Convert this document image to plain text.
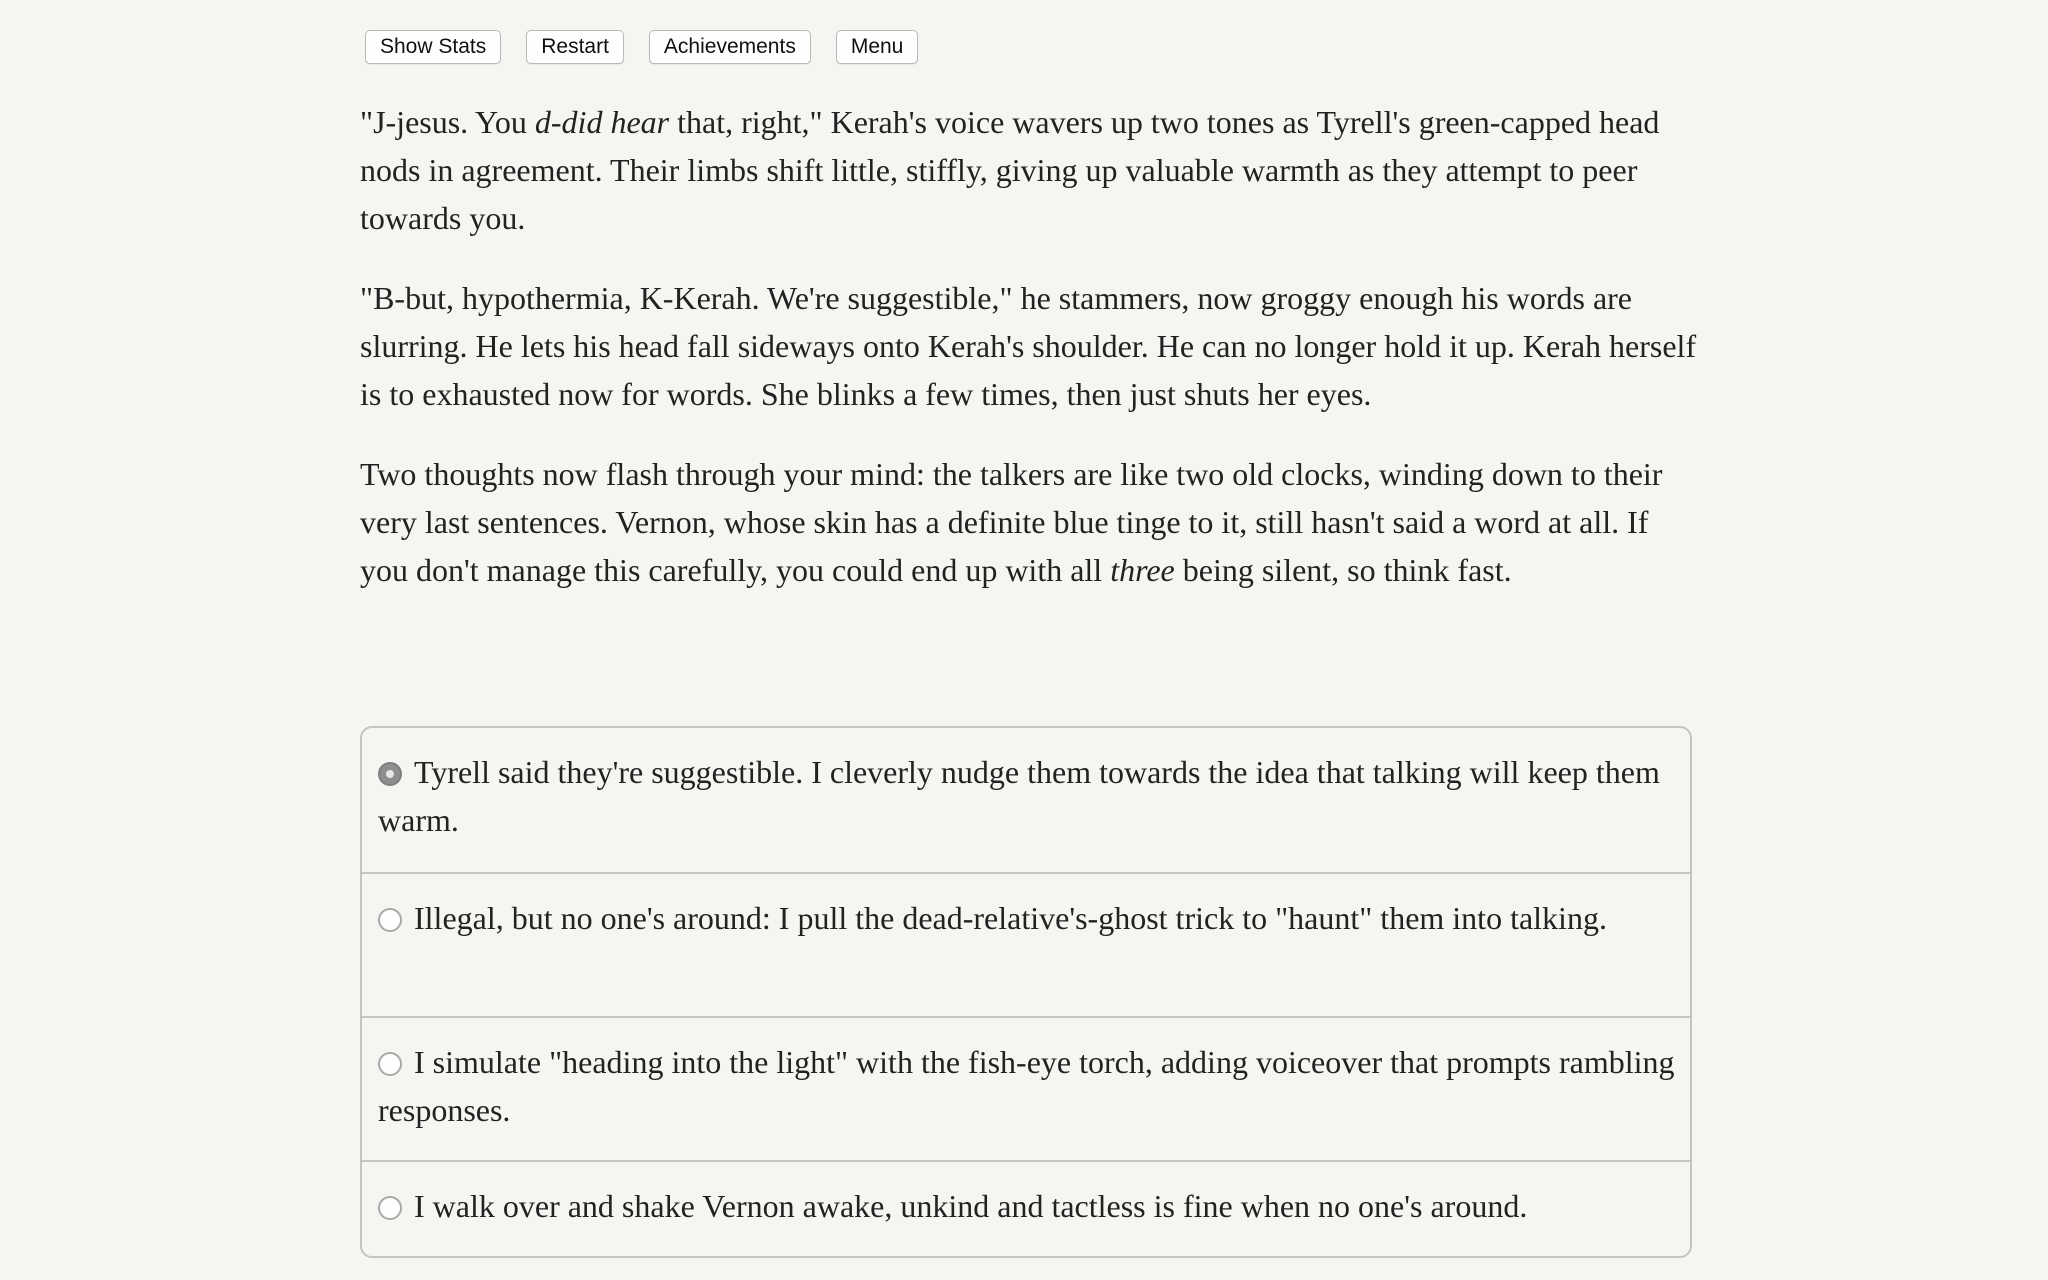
Show Stats	Restart	Achievements	Menu

"J-jesus. You d-did hear that, right," Kerah's voice wavers up two tones as Tyrell's green-capped head nods in agreement. Their limbs shift little, stiffly, giving up valuable warmth as they attempt to peer towards you.

"B-but, hypothermia, K-Kerah. We're suggestible," he stammers, now groggy enough his words are slurring. He lets his head fall sideways onto Kerah's shoulder. He can no longer hold it up. Kerah herself is to exhausted now for words. She blinks a few times, then just shuts her eyes.

Two thoughts now flash through your mind: the talkers are like two old clocks, winding down to their very last sentences. Vernon, whose skin has a definite blue tinge to it, still hasn't said a word at all. If you don't manage this carefully, you could end up with all three being silent, so think fast.

Tyrell said they're suggestible. I cleverly nudge them towards the idea that talking will keep them warm.
Illegal, but no one's around: I pull the dead-relative's-ghost trick to "haunt" them into talking.
I simulate "heading into the light" with the fish-eye torch, adding voiceover that prompts rambling responses.
I walk over and shake Vernon awake, unkind and tactless is fine when no one's around.
